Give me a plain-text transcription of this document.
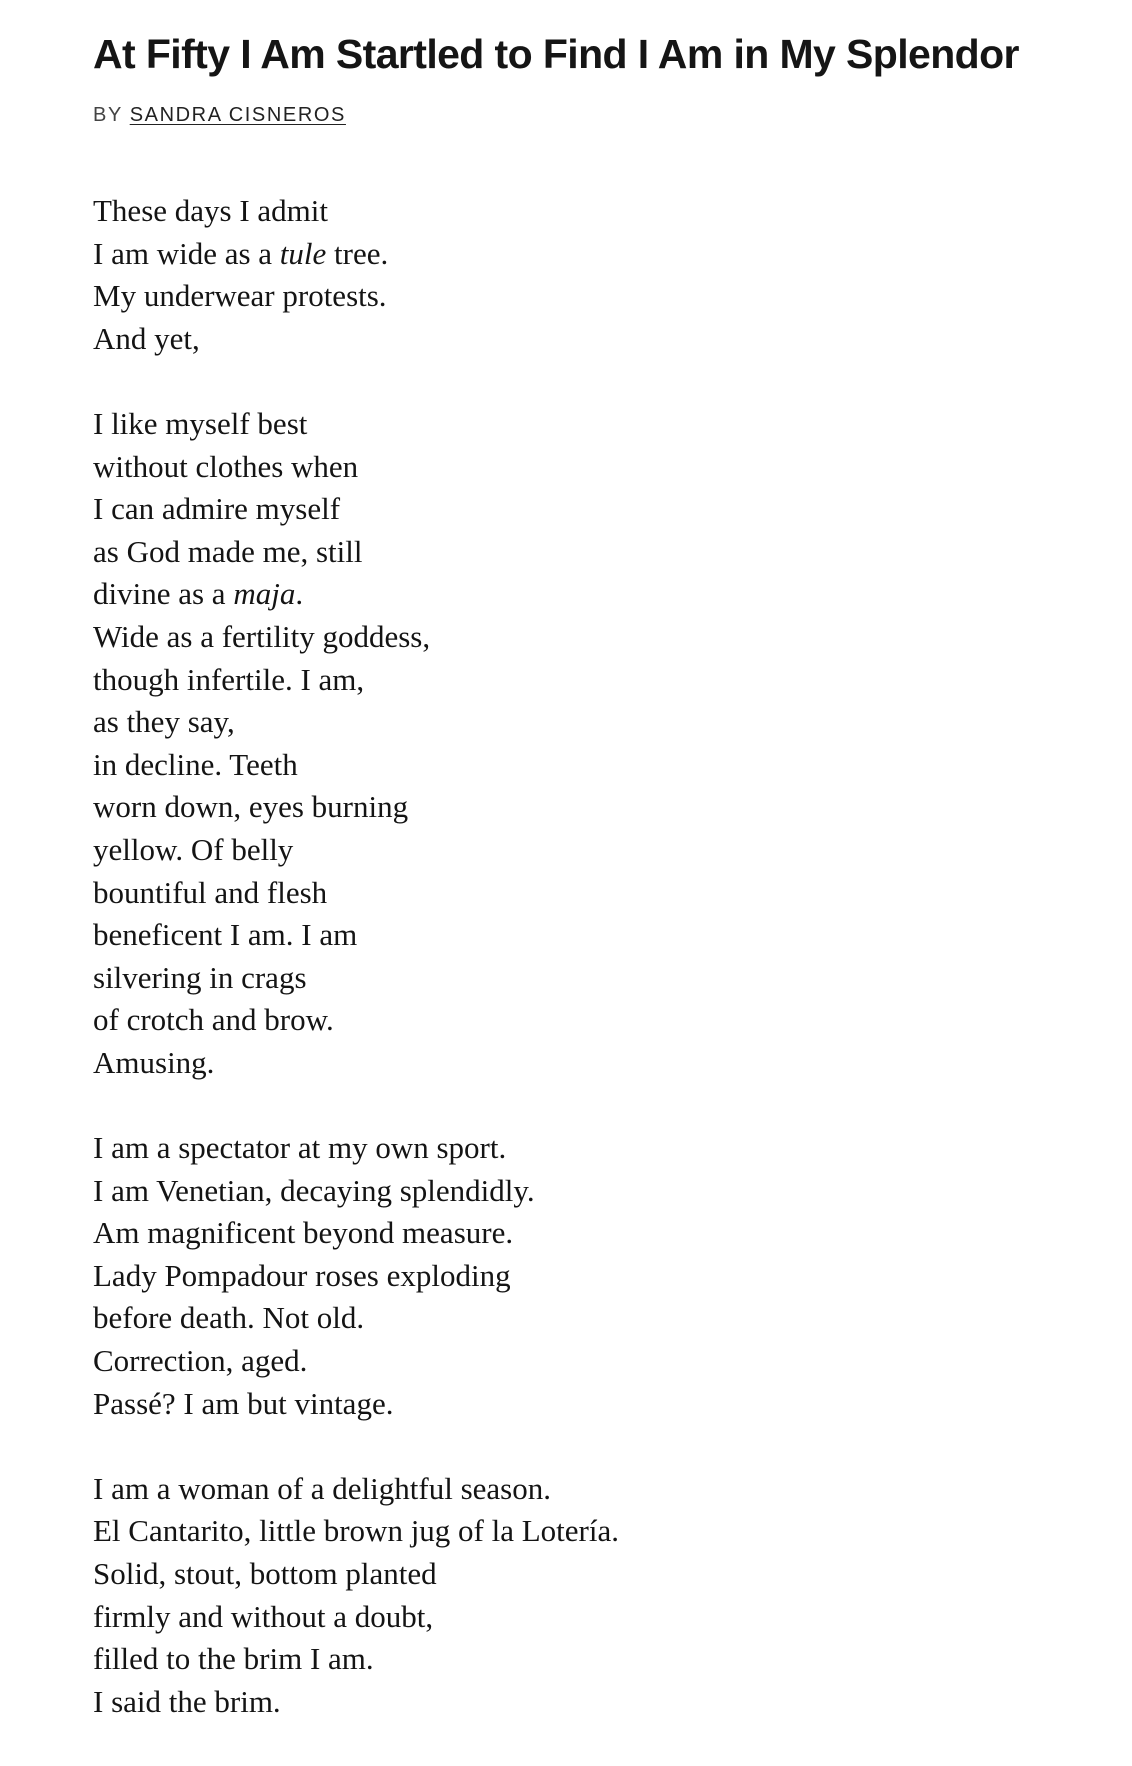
At Fifty I Am Startled to Find I Am in My Splendor
BY SANDRA CISNEROS
These days I admit
I am wide as a tule tree.
My underwear protests.
And yet,
I like myself best
without clothes when
I can admire myself
as God made me, still
divine as a maja.
Wide as a fertility goddess,
though infertile. I am,
as they say,
in decline. Teeth
worn down, eyes burning
yellow. Of belly
bountiful and flesh
beneficent I am. I am
silvering in crags
of crotch and brow.
Amusing.
I am a spectator at my own sport.
I am Venetian, decaying splendidly.
Am magnificent beyond measure.
Lady Pompadour roses exploding
before death. Not old.
Correction, aged.
Passé? I am but vintage.
I am a woman of a delightful season.
El Cantarito, little brown jug of la Lotería.
Solid, stout, bottom planted
firmly and without a doubt,
filled to the brim I am.
I said the brim.
